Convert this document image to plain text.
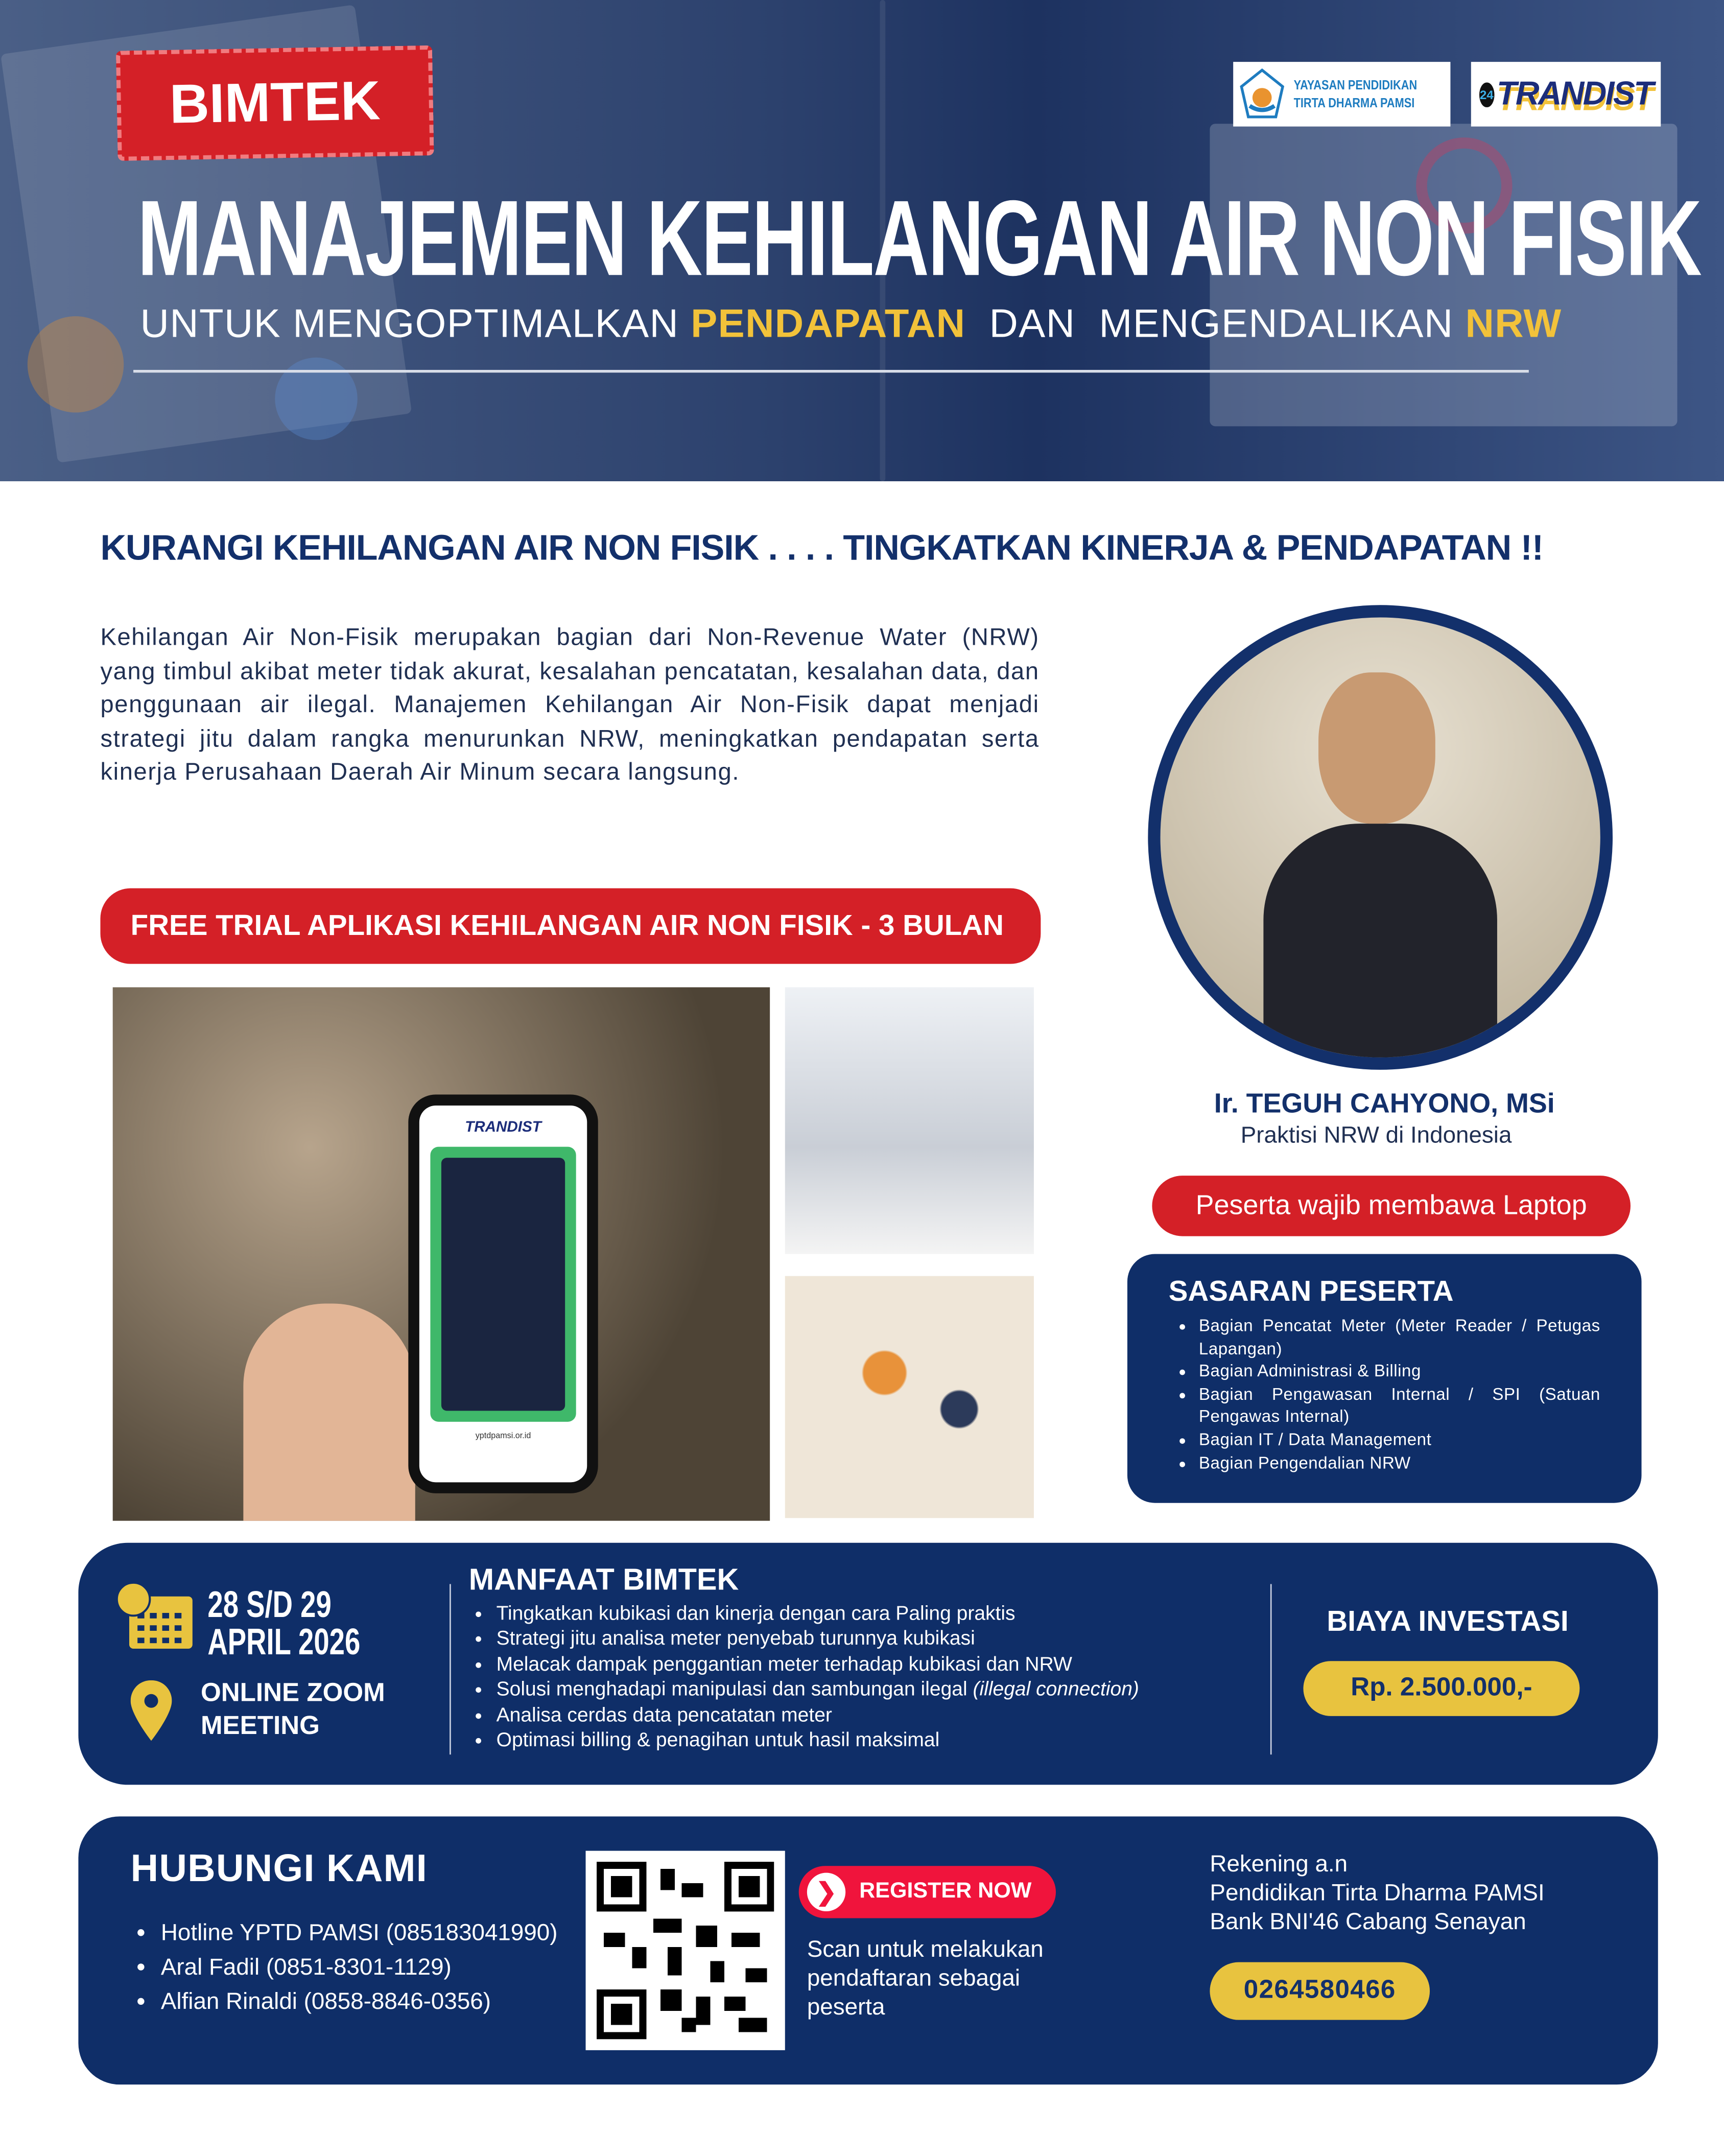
BIMTEK	YAYASAN PENDIDIKAN
TIRTA DHARMA PAMSI
24 TRANDIST
MANAJEMEN KEHILANGAN AIR NON FISIK
UNTUK MENGOPTIMALKAN PENDAPATAN  DAN  MENGENDALIKAN NRW
KURANGI KEHILANGAN AIR NON FISIK . . . . TINGKATKAN KINERJA & PENDAPATAN !!
Kehilangan Air Non-Fisik merupakan bagian dari Non-Revenue Water (NRW) yang timbul akibat meter tidak akurat, kesalahan pencatatan, kesalahan data, dan penggunaan air ilegal. Manajemen Kehilangan Air Non-Fisik dapat menjadi strategi jitu dalam rangka menurunkan NRW, meningkatkan pendapatan serta kinerja Perusahaan Daerah Air Minum secara langsung.
FREE TRIAL APLIKASI KEHILANGAN AIR NON FISIK - 3 BULAN
TRANDIST
yptdpamsi.or.id
Ir. TEGUH CAHYONO, MSi
Praktisi NRW di Indonesia
Peserta wajib membawa Laptop
SASARAN PESERTA
• Bagian Pencatat Meter (Meter Reader / Petugas Lapangan)
• Bagian Administrasi & Billing
• Bagian Pengawasan Internal / SPI (Satuan Pengawas Internal)
• Bagian IT / Data Management
• Bagian Pengendalian NRW
28 S/D 29
APRIL 2026
ONLINE ZOOM
MEETING
MANFAAT BIMTEK
• Tingkatkan kubikasi dan kinerja dengan cara Paling praktis
• Strategi jitu analisa meter penyebab turunnya kubikasi
• Melacak dampak penggantian meter terhadap kubikasi dan NRW
• Solusi menghadapi manipulasi dan sambungan ilegal (illegal connection)
• Analisa cerdas data pencatatan meter
• Optimasi billing & penagihan untuk hasil maksimal
BIAYA INVESTASI
Rp. 2.500.000,-
HUBUNGI KAMI
• Hotline YPTD PAMSI (085183041990)
• Aral Fadil (0851-8301-1129)
• Alfian Rinaldi (0858-8846-0356)
❯	REGISTER NOW
Scan untuk melakukan pendaftaran sebagai peserta
Rekening a.n
Pendidikan Tirta Dharma PAMSI
Bank BNI'46 Cabang Senayan
0264580466
